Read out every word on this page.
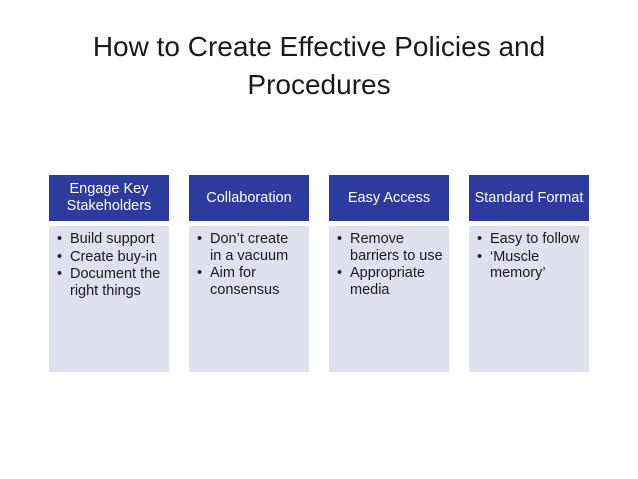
How to Create Effective Policies and Procedures
Engage Key Stakeholders
• Build support
• Create buy-in
• Document the right things
Collaboration
• Don’t create in a vacuum
• Aim for consensus
Easy Access
• Remove barriers to use
• Appropriate media
Standard Format
• Easy to follow
• ‘Muscle memory’
